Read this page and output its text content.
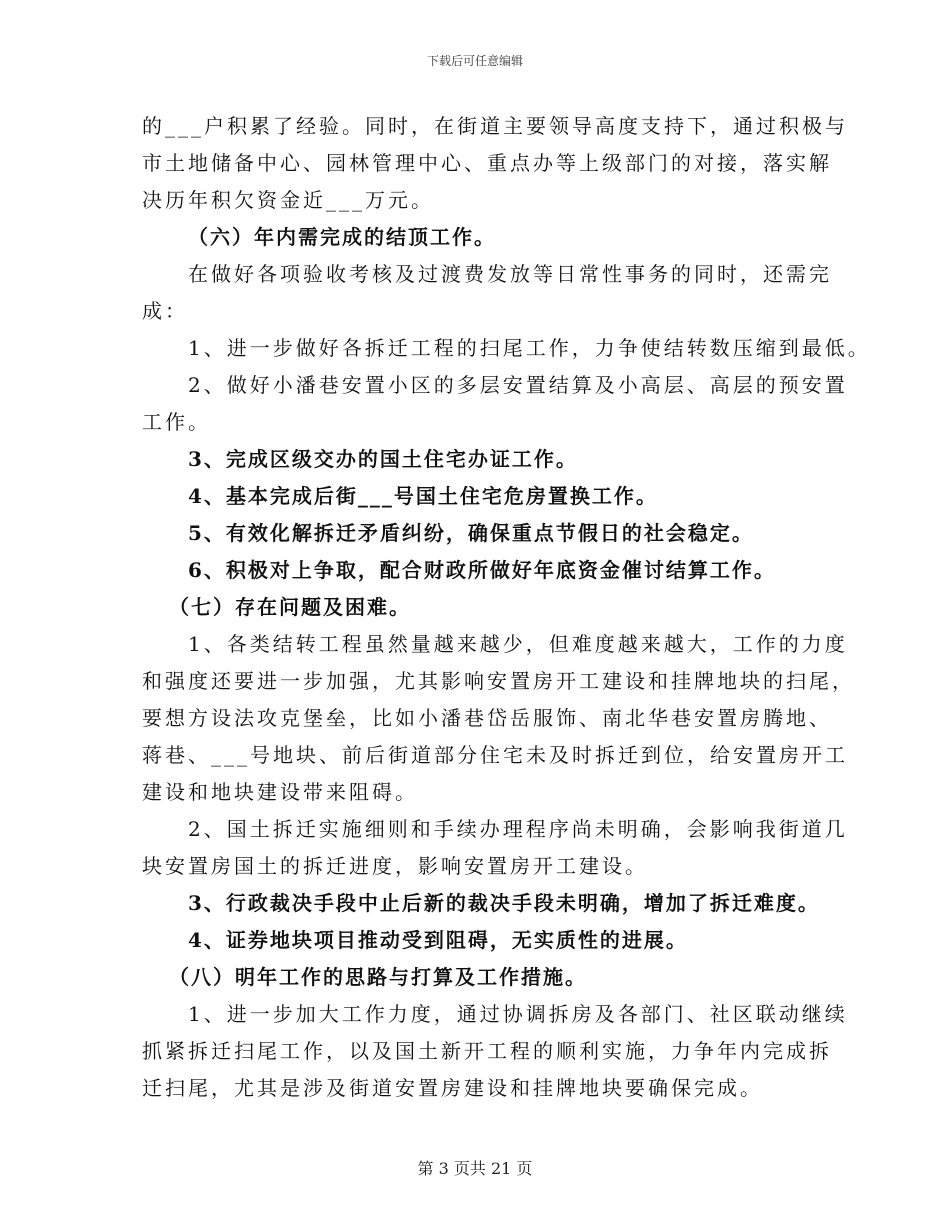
下载后可任意编辑

的___户积累了经验。同时，在街道主要领导高度支持下，通过积极与

市土地储备中心、园林管理中心、重点办等上级部门的对接，落实解

决历年积欠资金近___万元。

（六）年内需完成的结顶工作。

在做好各项验收考核及过渡费发放等日常性事务的同时，还需完

成：

1、进一步做好各拆迁工程的扫尾工作，力争使结转数压缩到最低。

2、做好小潘巷安置小区的多层安置结算及小高层、高层的预安置

工作。

3、完成区级交办的国土住宅办证工作。

4、基本完成后街___号国土住宅危房置换工作。

5、有效化解拆迁矛盾纠纷，确保重点节假日的社会稳定。

6、积极对上争取，配合财政所做好年底资金催讨结算工作。

（七）存在问题及困难。

1、各类结转工程虽然量越来越少，但难度越来越大，工作的力度

和强度还要进一步加强，尤其影响安置房开工建设和挂牌地块的扫尾，

要想方设法攻克堡垒，比如小潘巷岱岳服饰、南北华巷安置房腾地、

蒋巷、___号地块、前后街道部分住宅未及时拆迁到位，给安置房开工

建设和地块建设带来阻碍。

2、国土拆迁实施细则和手续办理程序尚未明确，会影响我街道几

块安置房国土的拆迁进度，影响安置房开工建设。

3、行政裁决手段中止后新的裁决手段未明确，增加了拆迁难度。

4、证券地块项目推动受到阻碍，无实质性的进展。

（八）明年工作的思路与打算及工作措施。

1、进一步加大工作力度，通过协调拆房及各部门、社区联动继续

抓紧拆迁扫尾工作，以及国土新开工程的顺利实施，力争年内完成拆

迁扫尾，尤其是涉及街道安置房建设和挂牌地块要确保完成。

第 3 页共 21 页
